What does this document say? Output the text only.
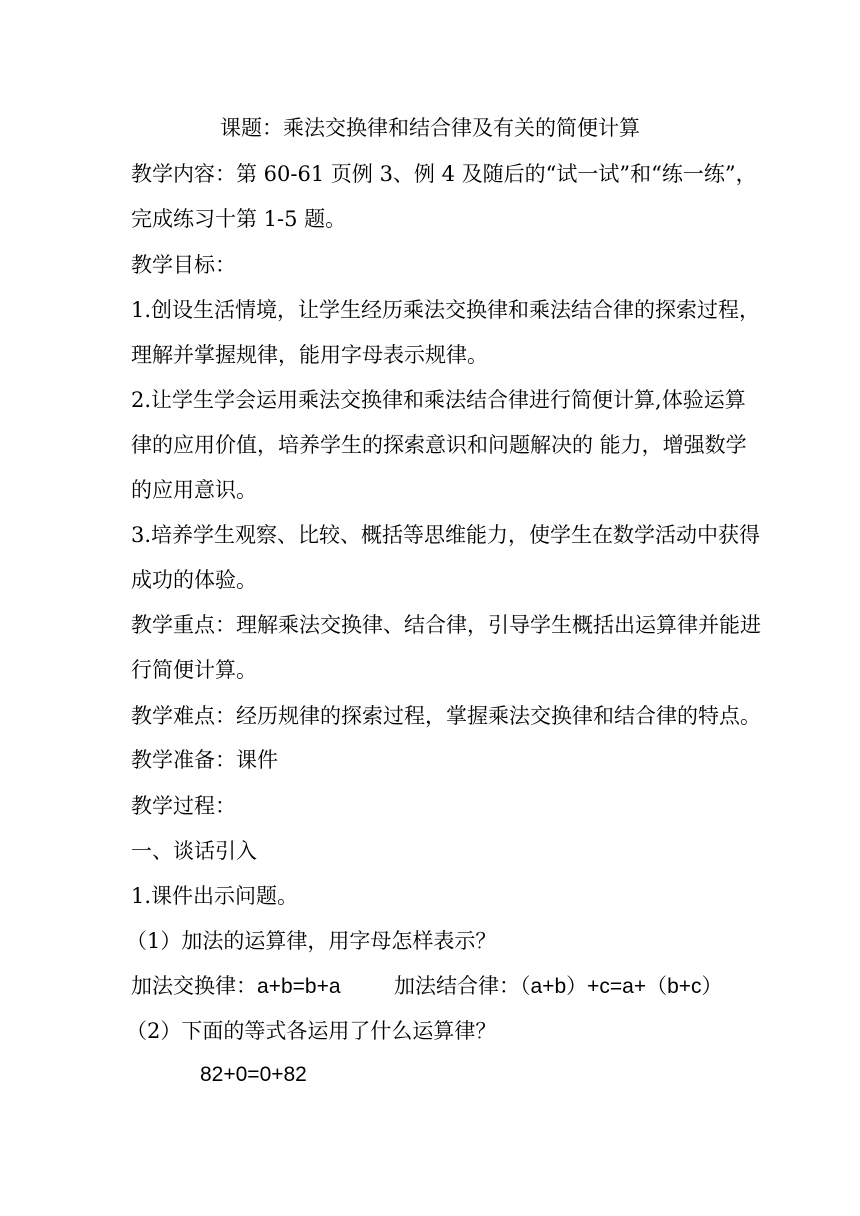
课题：乘法交换律和结合律及有关的简便计算
教学内容：第 60-61 页例 3、例 4 及随后的“试一试”和“练一练”，
完成练习十第 1-5 题。
教学目标：
1.创设生活情境，让学生经历乘法交换律和乘法结合律的探索过程，
理解并掌握规律，能用字母表示规律。
2.让学生学会运用乘法交换律和乘法结合律进行简便计算,体验运算
律的应用价值，培养学生的探索意识和问题解决的 能力，增强数学
的应用意识。
3.培养学生观察、比较、概括等思维能力，使学生在数学活动中获得
成功的体验。
教学重点：理解乘法交换律、结合律，引导学生概括出运算律并能进
行简便计算。
教学难点：经历规律的探索过程，掌握乘法交换律和结合律的特点。
教学准备：课件
教学过程：
一、谈话引入
1.课件出示问题。
（1）加法的运算律，用字母怎样表示？
加法交换律：a+b=b+a	加法结合律：（a+b）+c=a+（b+c）
（2）下面的等式各运用了什么运算律？
82+0=0+82
